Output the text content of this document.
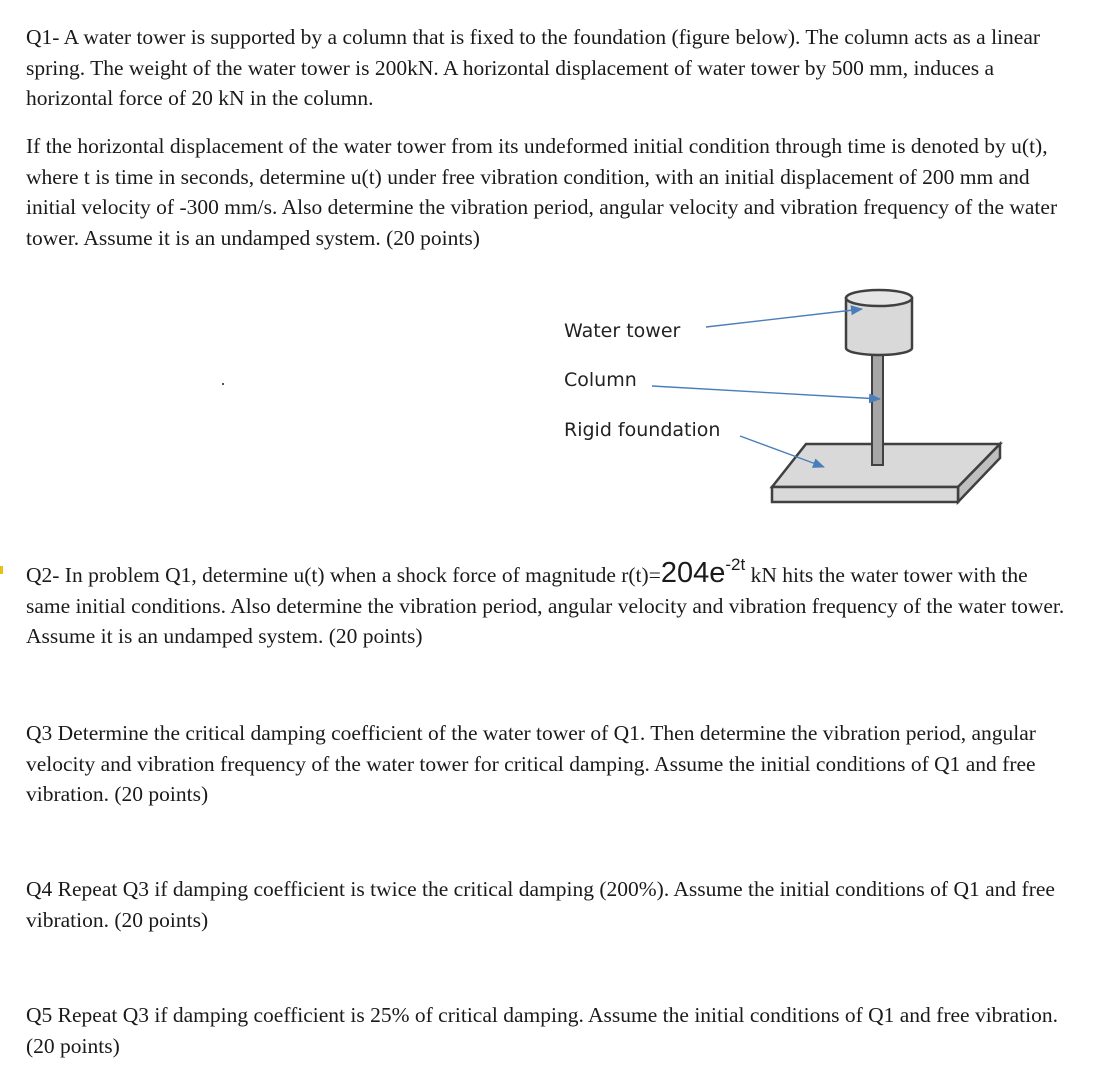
Q1- A water tower is supported by a column that is fixed to the foundation (figure below). The column acts as a linear spring. The weight of the water tower is 200kN. A horizontal displacement of water tower by 500 mm, induces a horizontal force of 20 kN in the column.

If the horizontal displacement of the water tower from its undeformed initial condition through time is denoted by u(t), where t is time in seconds, determine u(t) under free vibration condition, with an initial displacement of 200 mm and initial velocity of -300 mm/s. Also determine the vibration period, angular velocity and vibration frequency of the water tower. Assume it is an undamped system. (20 points)

Water tower
Column
Rigid foundation

Q2- In problem Q1, determine u(t) when a shock force of magnitude $r(t)=204e^{-2t}$ kN hits the water tower with the same initial conditions. Also determine the vibration period, angular velocity and vibration frequency of the water tower. Assume it is an undamped system. (20 points)

Q3 Determine the critical damping coefficient of the water tower of Q1. Then determine the vibration period, angular velocity and vibration frequency of the water tower for critical damping. Assume the initial conditions of Q1 and free vibration. (20 points)

Q4 Repeat Q3 if damping coefficient is twice the critical damping (200%). Assume the initial conditions of Q1 and free vibration. (20 points)

Q5 Repeat Q3 if damping coefficient is 25% of critical damping. Assume the initial conditions of Q1 and free vibration. (20 points)
